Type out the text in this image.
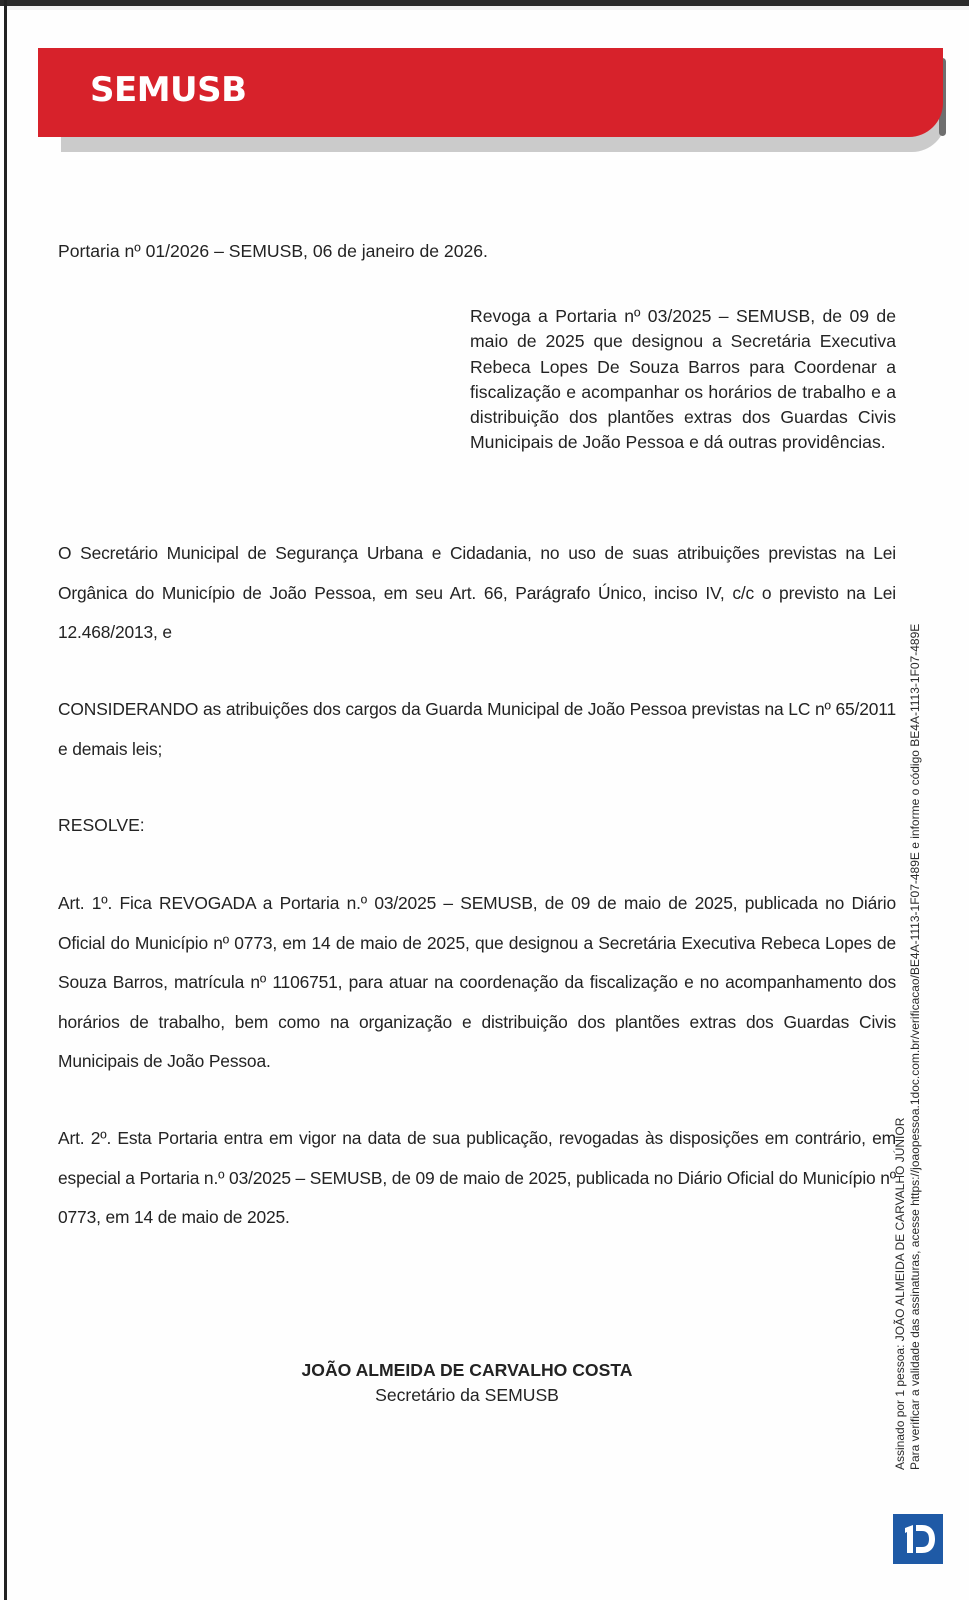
SEMUSB
Portaria nº 01/2026 – SEMUSB, 06 de janeiro de 2026.
Revoga a Portaria nº 03/2025 – SEMUSB, de 09 de maio de 2025 que designou a Secretária Executiva Rebeca Lopes De Souza Barros para Coordenar a fiscalização e acompanhar os horários de trabalho e a distribuição dos plantões extras dos Guardas Civis Municipais de João Pessoa e dá outras providências.
O Secretário Municipal de Segurança Urbana e Cidadania, no uso de suas atribuições previstas na Lei Orgânica do Município de João Pessoa, em seu Art. 66, Parágrafo Único, inciso IV, c/c o previsto na Lei 12.468/2013, e
CONSIDERANDO as atribuições dos cargos da Guarda Municipal de João Pessoa previstas na LC nº 65/2011 e demais leis;
RESOLVE:
Art. 1º. Fica REVOGADA a Portaria n.º 03/2025 – SEMUSB, de 09 de maio de 2025, publicada no Diário Oficial do Município nº 0773, em 14 de maio de 2025, que designou a Secretária Executiva Rebeca Lopes de Souza Barros, matrícula nº 1106751, para atuar na coordenação da fiscalização e no acompanhamento dos horários de trabalho, bem como na organização e distribuição dos plantões extras dos Guardas Civis Municipais de João Pessoa.
Art. 2º. Esta Portaria entra em vigor na data de sua publicação, revogadas às disposições em contrário, em especial a Portaria n.º 03/2025 – SEMUSB, de 09 de maio de 2025, publicada no Diário Oficial do Município nº 0773, em 14 de maio de 2025.
JOÃO ALMEIDA DE CARVALHO COSTA
Secretário da SEMUSB	Assinado por 1 pessoa: JOÃO ALMEIDA DE CARVALHO JÚNIOR Para verificar a validade das assinaturas, acesse https://joaopessoa.1doc.com.br/verificacao/BE4A-1113-1F07-489E e informe o código BE4A-1113-1F07-489E
